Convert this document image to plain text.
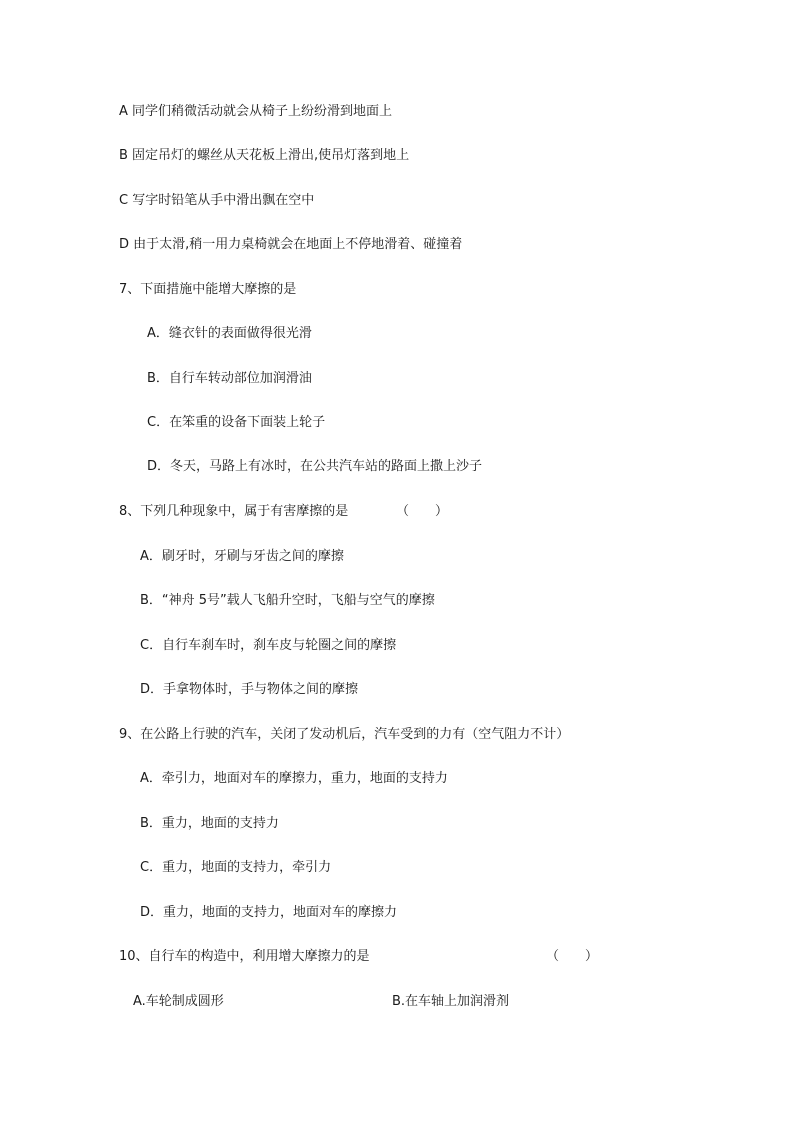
A 同学们稍微活动就会从椅子上纷纷滑到地面上
B 固定吊灯的螺丝从天花板上滑出,使吊灯落到地上
C 写字时铅笔从手中滑出飘在空中
D 由于太滑,稍一用力桌椅就会在地面上不停地滑着、碰撞着
7、下面措施中能增大摩擦的是
A．缝衣针的表面做得很光滑
B．自行车转动部位加润滑油
C．在笨重的设备下面装上轮子
D．冬天，马路上有冰时，在公共汽车站的路面上撒上沙子
8、下列几种现象中，属于有害摩擦的是	（　　）
A．刷牙时，牙刷与牙齿之间的摩擦
B．“神舟 5号”载人飞船升空时，飞船与空气的摩擦
C．自行车刹车时，刹车皮与轮圈之间的摩擦
D．手拿物体时，手与物体之间的摩擦
9、在公路上行驶的汽车，关闭了发动机后，汽车受到的力有（空气阻力不计）
A．牵引力，地面对车的摩擦力，重力，地面的支持力
B．重力，地面的支持力
C．重力，地面的支持力，牵引力
D．重力，地面的支持力，地面对车的摩擦力
10、自行车的构造中，利用增大摩擦力的是	（　　）
A.车轮制成圆形	B.在车轴上加润滑剂
